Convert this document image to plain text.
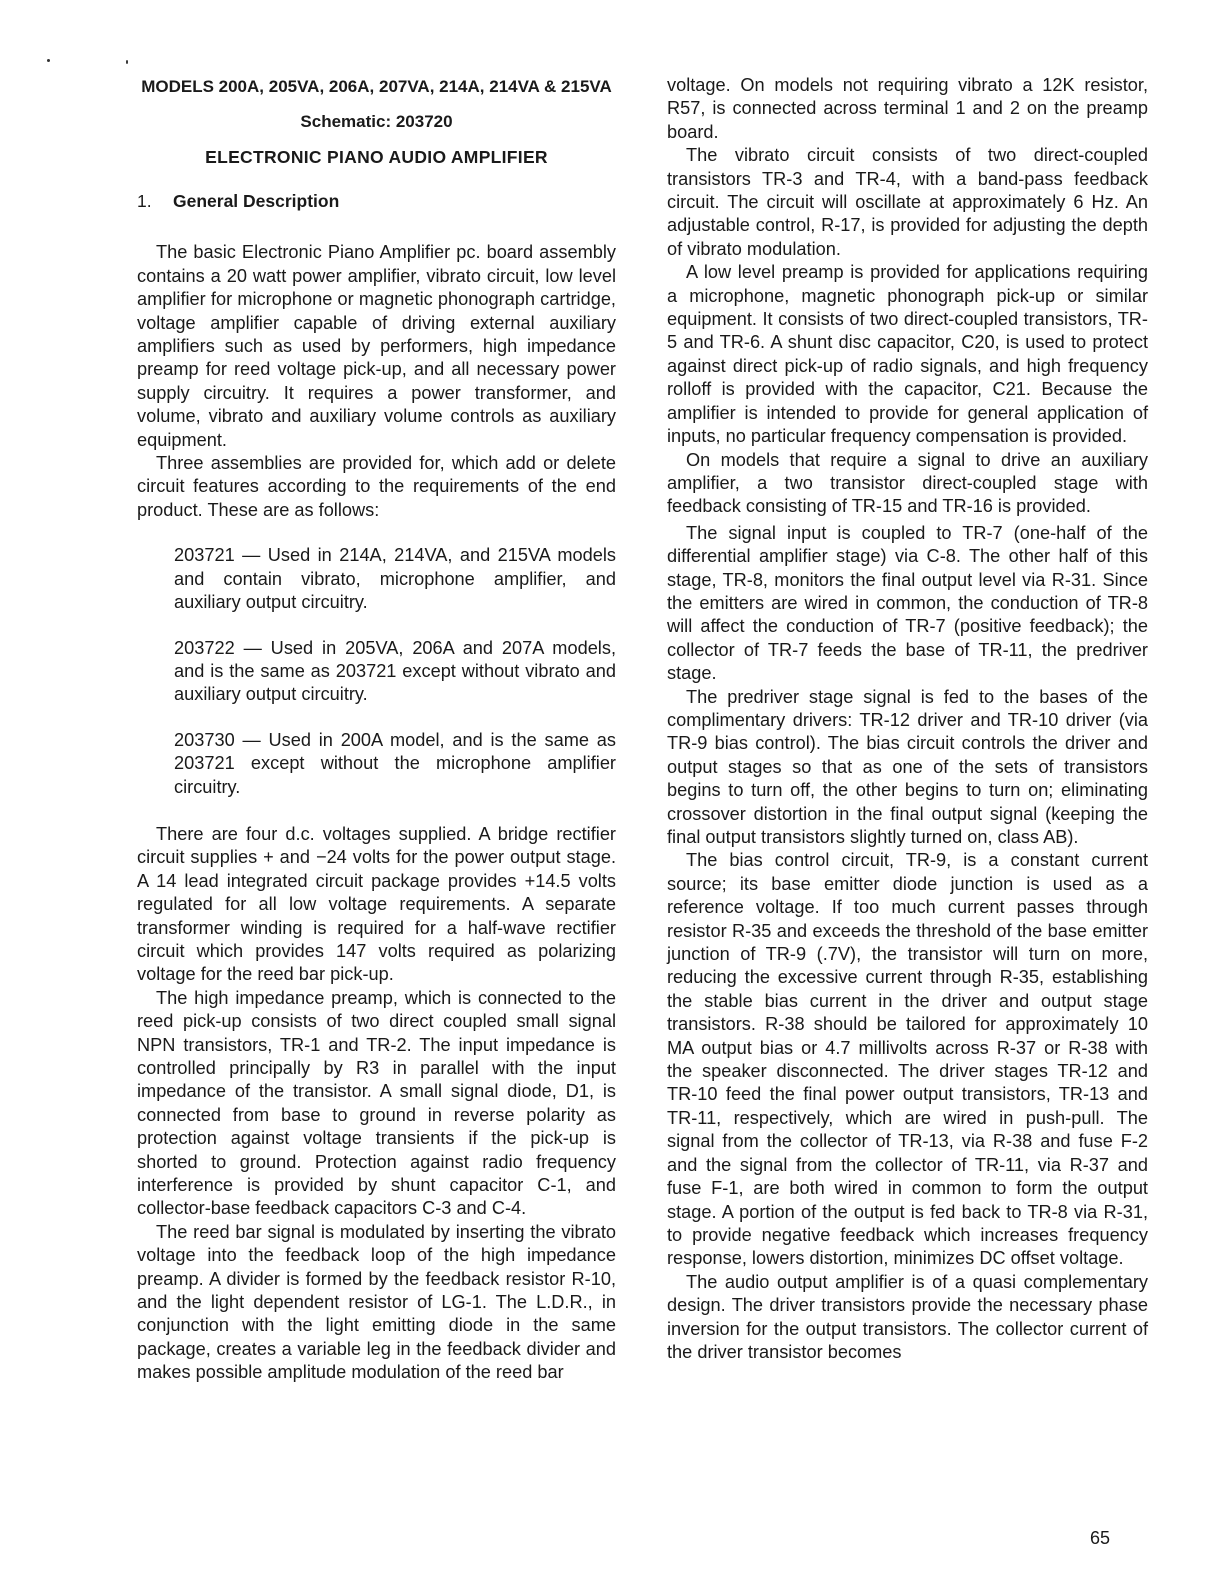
MODELS 200A, 205VA, 206A, 207VA, 214A, 214VA & 215VA

Schematic: 203720

ELECTRONIC PIANO AUDIO AMPLIFIER

1.	General Description

The basic Electronic Piano Amplifier pc. board assembly contains a 20 watt power amplifier, vibrato circuit, low level amplifier for microphone or magnetic phonograph cartridge, voltage amplifier capable of driving external auxiliary amplifiers such as used by performers, high impedance preamp for reed voltage pick-up, and all necessary power supply circuitry. It requires a power transformer, and volume, vibrato and auxiliary volume controls as auxiliary equipment.

Three assemblies are provided for, which add or delete circuit features according to the requirements of the end product. These are as follows:

203721 — Used in 214A, 214VA, and 215VA models and contain vibrato, microphone amplifier, and auxiliary output circuitry.

203722 — Used in 205VA, 206A and 207A models, and is the same as 203721 except without vibrato and auxiliary output circuitry.

203730 — Used in 200A model, and is the same as 203721 except without the microphone amplifier circuitry.

There are four d.c. voltages supplied. A bridge rectifier circuit supplies + and −24 volts for the power output stage. A 14 lead integrated circuit package provides +14.5 volts regulated for all low voltage requirements. A separate transformer winding is required for a half-wave rectifier circuit which provides 147 volts required as polarizing voltage for the reed bar pick-up.

The high impedance preamp, which is connected to the reed pick-up consists of two direct coupled small signal NPN transistors, TR-1 and TR-2. The input impedance is controlled principally by R3 in parallel with the input impedance of the transistor. A small signal diode, D1, is connected from base to ground in reverse polarity as protection against voltage transients if the pick-up is shorted to ground. Protection against radio frequency interference is provided by shunt capacitor C-1, and collector-base feedback capacitors C-3 and C-4.

The reed bar signal is modulated by inserting the vibrato voltage into the feedback loop of the high impedance preamp. A divider is formed by the feedback resistor R-10, and the light dependent resistor of LG-1. The L.D.R., in conjunction with the light emitting diode in the same package, creates a variable leg in the feedback divider and makes possible amplitude modulation of the reed bar

voltage. On models not requiring vibrato a 12K resistor, R57, is connected across terminal 1 and 2 on the preamp board.

The vibrato circuit consists of two direct-coupled transistors TR-3 and TR-4, with a band-pass feedback circuit. The circuit will oscillate at approximately 6 Hz. An adjustable control, R-17, is provided for adjusting the depth of vibrato modulation.

A low level preamp is provided for applications requiring a microphone, magnetic phonograph pick-up or similar equipment. It consists of two direct-coupled transistors, TR-5 and TR-6. A shunt disc capacitor, C20, is used to protect against direct pick-up of radio signals, and high frequency rolloff is provided with the capacitor, C21. Because the amplifier is intended to provide for general application of inputs, no particular frequency compensation is provided.

On models that require a signal to drive an auxiliary amplifier, a two transistor direct-coupled stage with feedback consisting of TR-15 and TR-16 is provided.

The signal input is coupled to TR-7 (one-half of the differential amplifier stage) via C-8. The other half of this stage, TR-8, monitors the final output level via R-31. Since the emitters are wired in common, the conduction of TR-8 will affect the conduction of TR-7 (positive feedback); the collector of TR-7 feeds the base of TR-11, the predriver stage.

The predriver stage signal is fed to the bases of the complimentary drivers: TR-12 driver and TR-10 driver (via TR-9 bias control). The bias circuit controls the driver and output stages so that as one of the sets of transistors begins to turn off, the other begins to turn on; eliminating crossover distortion in the final output signal (keeping the final output transistors slightly turned on, class AB).

The bias control circuit, TR-9, is a constant current source; its base emitter diode junction is used as a reference voltage. If too much current passes through resistor R-35 and exceeds the threshold of the base emitter junction of TR-9 (.7V), the transistor will turn on more, reducing the excessive current through R-35, establishing the stable bias current in the driver and output stage transistors. R-38 should be tailored for approximately 10 MA output bias or 4.7 millivolts across R-37 or R-38 with the speaker disconnected. The driver stages TR-12 and TR-10 feed the final power output transistors, TR-13 and TR-11, respectively, which are wired in push-pull. The signal from the collector of TR-13, via R-38 and fuse F-2 and the signal from the collector of TR-11, via R-37 and fuse F-1, are both wired in common to form the output stage. A portion of the output is fed back to TR-8 via R-31, to provide negative feedback which increases frequency response, lowers distortion, minimizes DC offset voltage.

The audio output amplifier is of a quasi complementary design. The driver transistors provide the necessary phase inversion for the output transistors. The collector current of the driver transistor becomes

65
